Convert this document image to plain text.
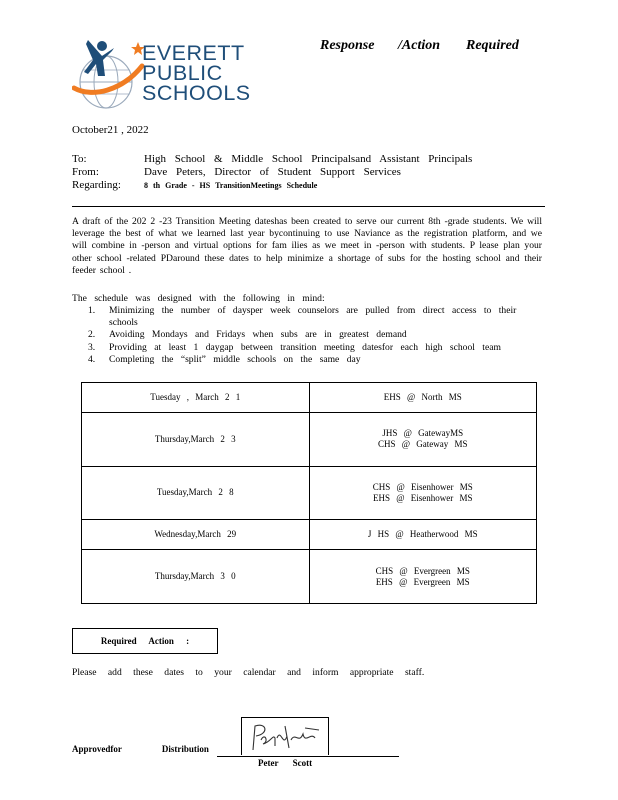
EVERETT
PUBLIC
SCHOOLS
Response /Action Required
October21 , 2022
To:	High School & Middle School Principalsand Assistant Principals
From:	Dave Peters, Director of Student Support Services
Regarding:	8 th Grade - HS TransitionMeetings Schedule
A draft of the 202 2 -23 Transition Meeting dateshas been created to serve our current 8th -grade students. We will leverage the best of what we learned last year bycontinuing to use Naviance as the registration platform, and we will combine in -person and virtual options for fam ilies as we meet in -person with students. P lease plan your other school -related PDaround these dates to help minimize a shortage of subs for the hosting school and their feeder school .
The schedule was designed with the following in mind:
1. Minimizing the number of daysper week counselors are pulled from direct access to their schools
2. Avoiding Mondays and Fridays when subs are in greatest demand
3. Providing at least 1 daygap between transition meeting datesfor each high school team
4. Completing the “split” middle schools on the same day
Tuesday , March 2 1	EHS @ North MS

Thursday,March 2 3	JHS @ GatewayMS
CHS @ Gateway MS

Tuesday,March 2 8	CHS @ Eisenhower MS
EHS @ Eisenhower MS

Wednesday,March 29	J HS @ Heatherwood MS

Thursday,March 3 0	CHS @ Evergreen MS
EHS @ Evergreen MS
Required Action :
Please add these dates to your calendar and inform appropriate staff.
Approvedfor	Distribution
Peter Scott
